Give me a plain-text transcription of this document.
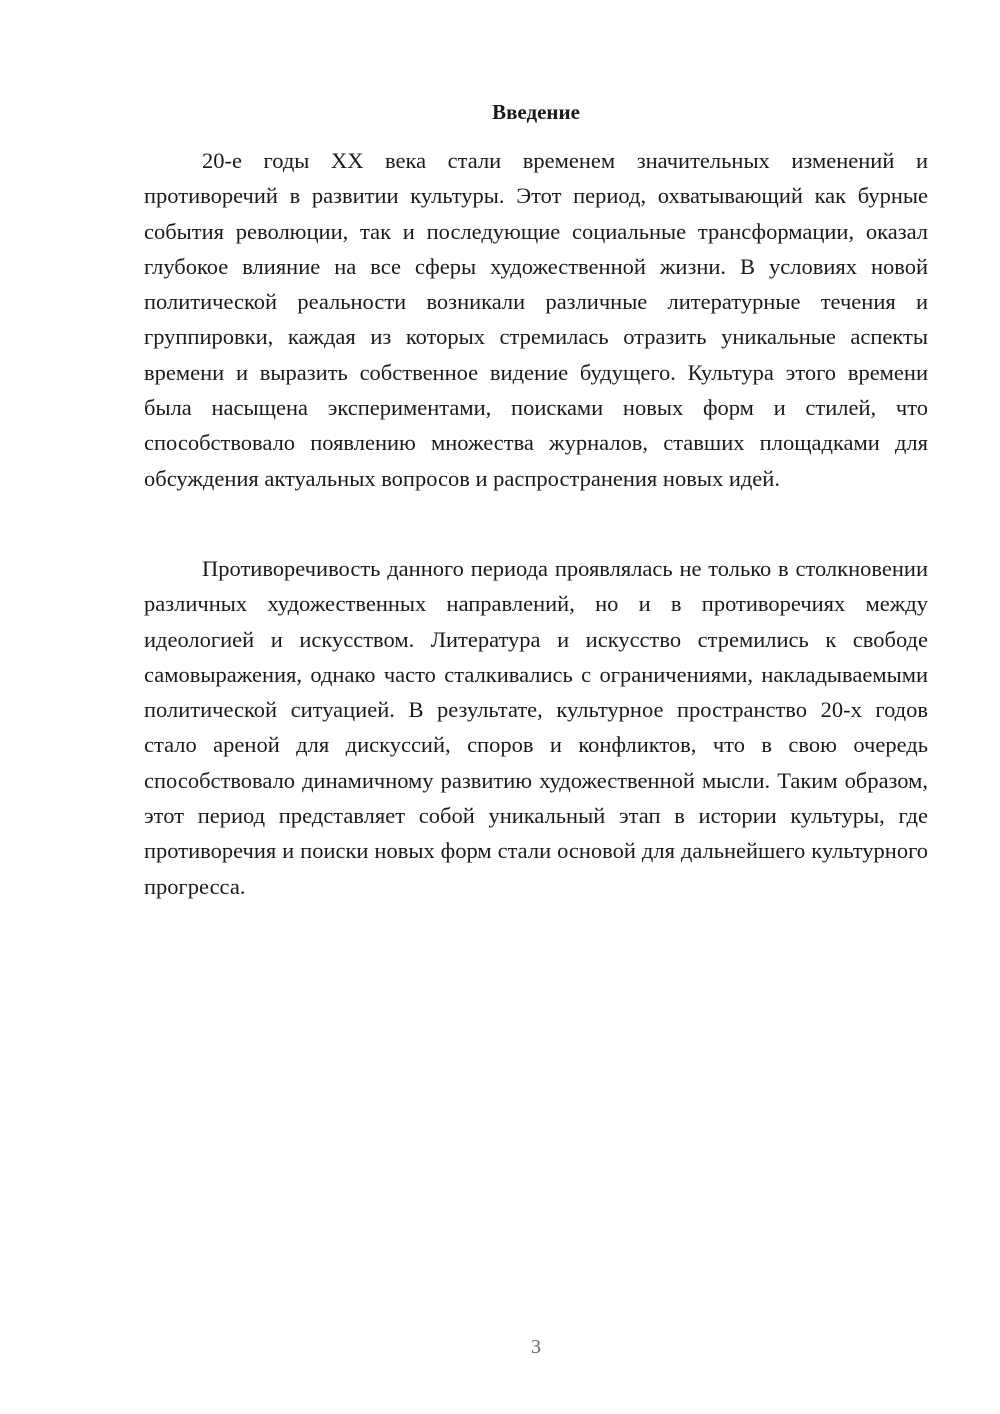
Введение

20-е годы XX века стали временем значительных изменений и противоречий в развитии культуры. Этот период, охватывающий как бурные события революции, так и последующие социальные трансформации, оказал глубокое влияние на все сферы художественной жизни. В условиях новой политической реальности возникали различные литературные течения и группировки, каждая из которых стремилась отразить уникальные аспекты времени и выразить собственное видение будущего. Культура этого времени была насыщена экспериментами, поисками новых форм и стилей, что способствовало появлению множества журналов, ставших площадками для обсуждения актуальных вопросов и распространения новых идей.

Противоречивость данного периода проявлялась не только в столкновении различных художественных направлений, но и в противоречиях между идеологией и искусством. Литература и искусство стремились к свободе самовыражения, однако часто сталкивались с ограничениями, накладываемыми политической ситуацией. В результате, культурное пространство 20-х годов стало ареной для дискуссий, споров и конфликтов, что в свою очередь способствовало динамичному развитию художественной мысли. Таким образом, этот период представляет собой уникальный этап в истории культуры, где противоречия и поиски новых форм стали основой для дальнейшего культурного прогресса.

3
